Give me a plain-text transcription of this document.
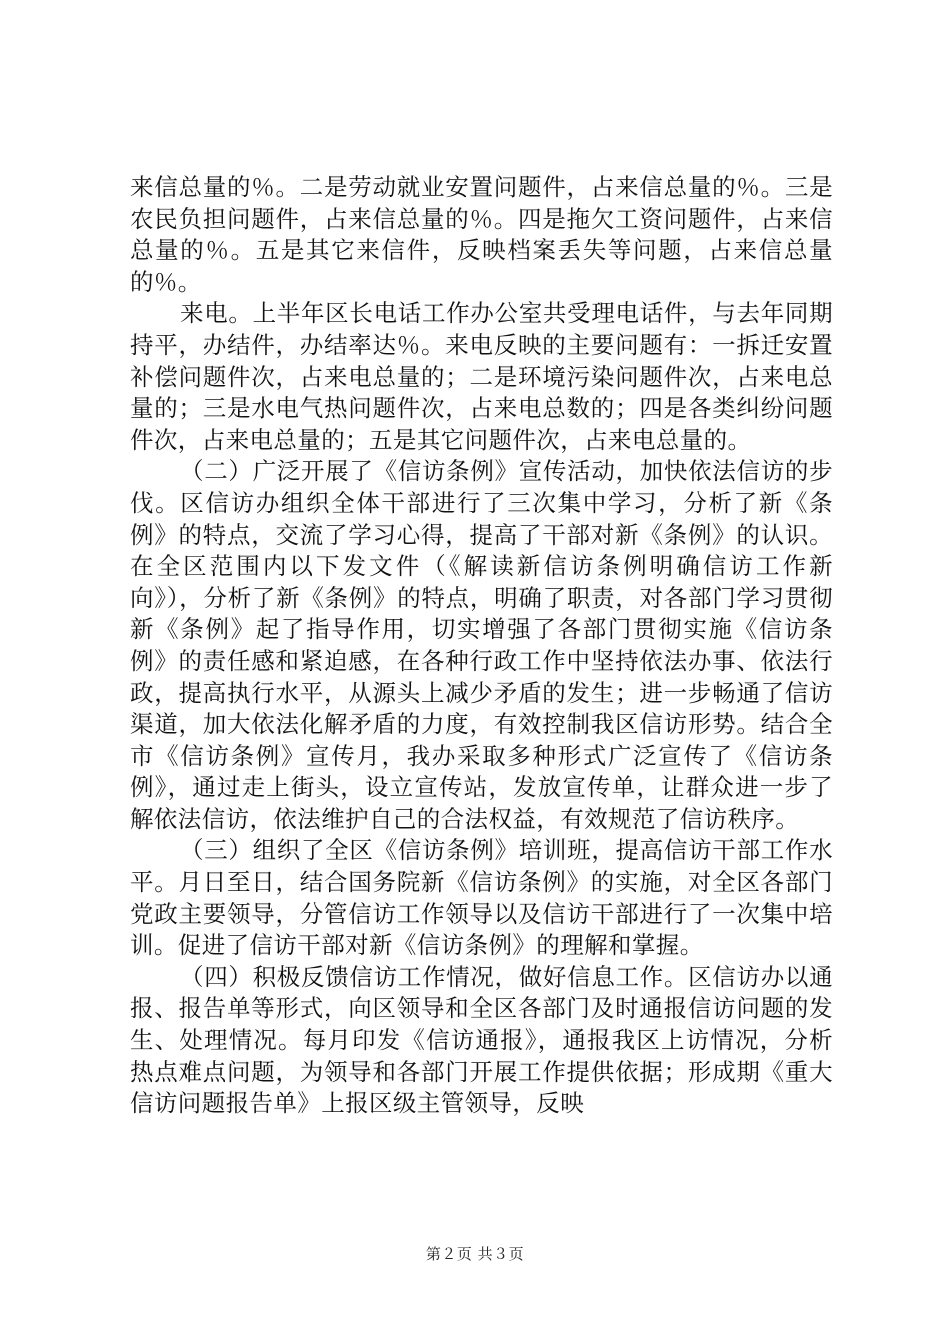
来信总量的％。二是劳动就业安置问题件，占来信总量的％。三是农民负担问题件，占来信总量的％。四是拖欠工资问题件，占来信总量的％。五是其它来信件，反映档案丢失等问题，占来信总量的％。

来电。上半年区长电话工作办公室共受理电话件，与去年同期持平，办结件，办结率达％。来电反映的主要问题有：一拆迁安置补偿问题件次，占来电总量的；二是环境污染问题件次，占来电总量的；三是水电气热问题件次，占来电总数的；四是各类纠纷问题件次，占来电总量的；五是其它问题件次，占来电总量的。

（二）广泛开展了《信访条例》宣传活动，加快依法信访的步伐。区信访办组织全体干部进行了三次集中学习，分析了新《条例》的特点，交流了学习心得，提高了干部对新《条例》的认识。在全区范围内以下发文件（《解读新信访条例明确信访工作新向》），分析了新《条例》的特点，明确了职责，对各部门学习贯彻新《条例》起了指导作用，切实增强了各部门贯彻实施《信访条例》的责任感和紧迫感，在各种行政工作中坚持依法办事、依法行政，提高执行水平，从源头上减少矛盾的发生；进一步畅通了信访渠道，加大依法化解矛盾的力度，有效控制我区信访形势。结合全市《信访条例》宣传月，我办采取多种形式广泛宣传了《信访条例》，通过走上街头，设立宣传站，发放宣传单，让群众进一步了解依法信访，依法维护自己的合法权益，有效规范了信访秩序。

（三）组织了全区《信访条例》培训班，提高信访干部工作水平。月日至日，结合国务院新《信访条例》的实施，对全区各部门党政主要领导，分管信访工作领导以及信访干部进行了一次集中培训。促进了信访干部对新《信访条例》的理解和掌握。

（四）积极反馈信访工作情况，做好信息工作。区信访办以通报、报告单等形式，向区领导和全区各部门及时通报信访问题的发生、处理情况。每月印发《信访通报》，通报我区上访情况，分析热点难点问题，为领导和各部门开展工作提供依据；形成期《重大信访问题报告单》上报区级主管领导，反映

第２页 共３页
